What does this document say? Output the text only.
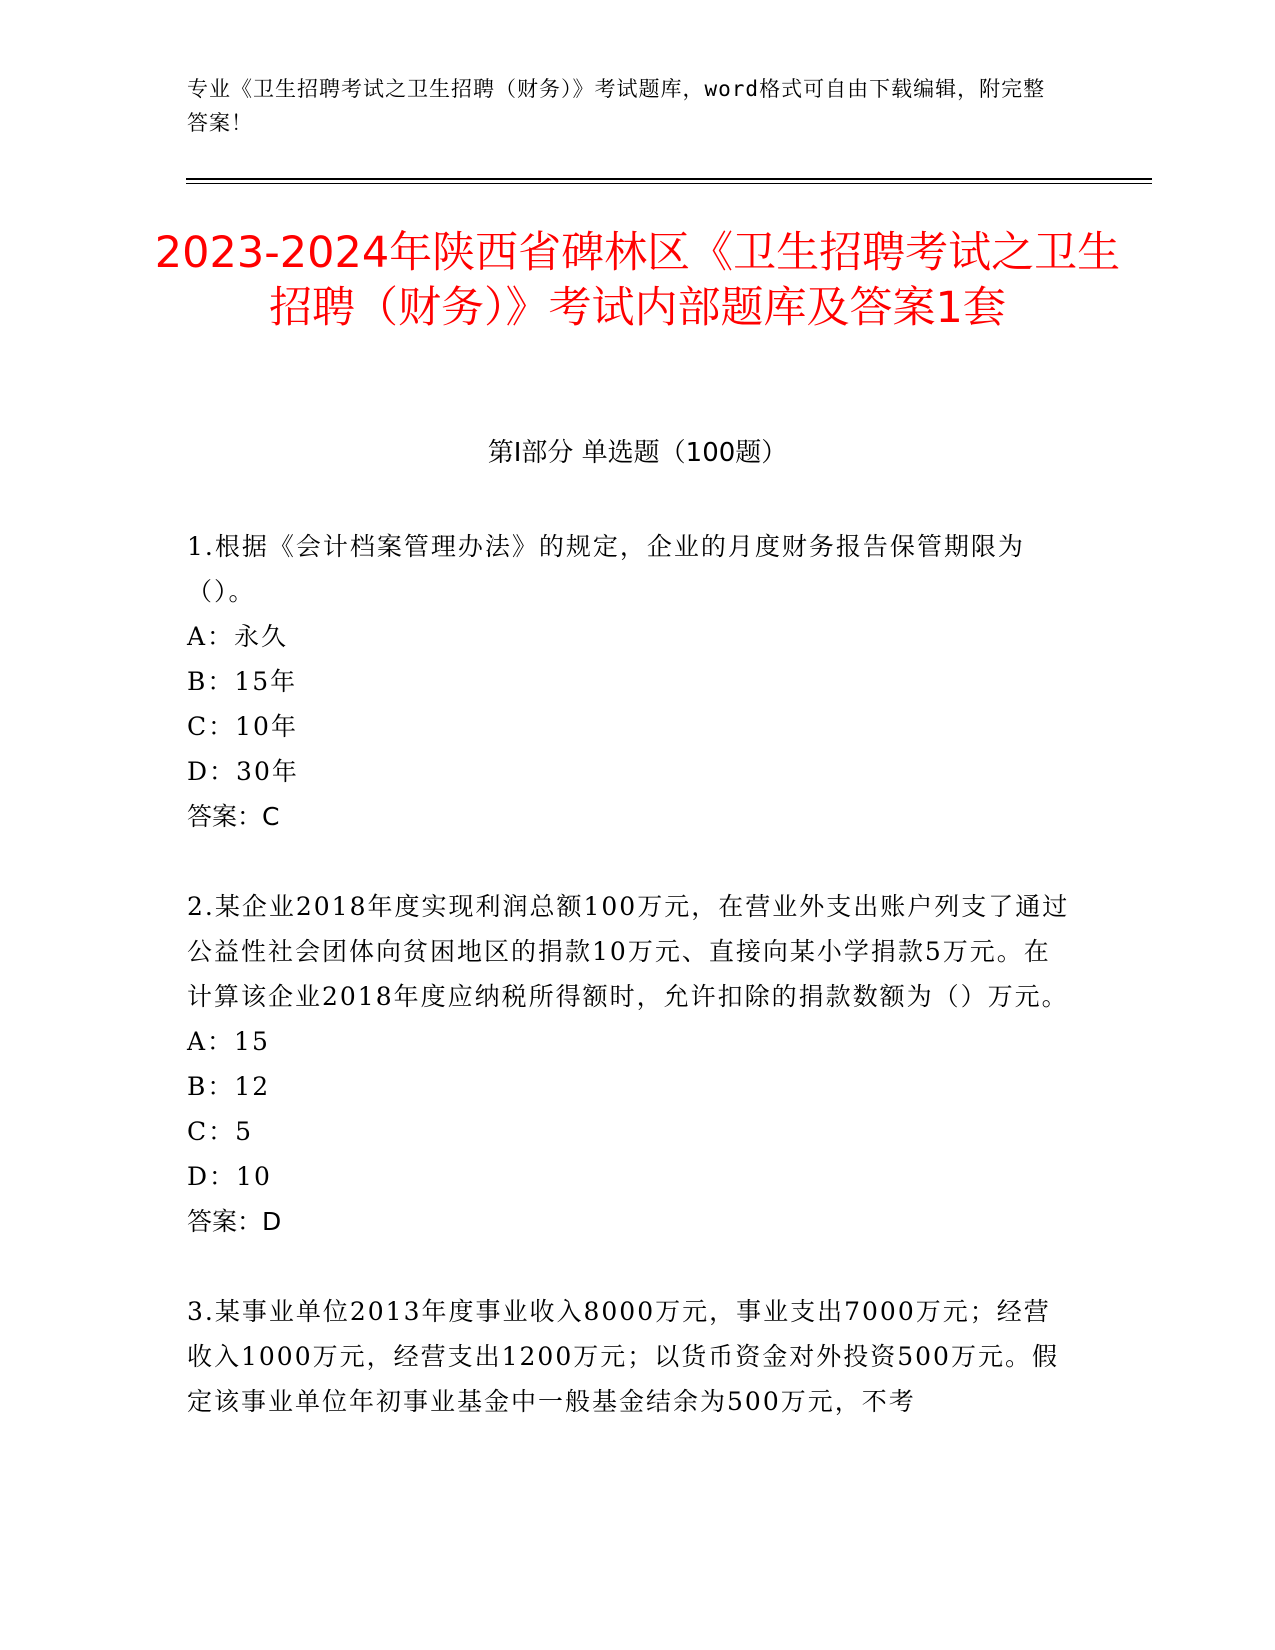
专业《卫生招聘考试之卫生招聘（财务）》考试题库，word格式可自由下载编辑，附完整答案！
2023-2024年陕西省碑林区《卫生招聘考试之卫生招聘（财务）》考试内部题库及答案1套
第I部分 单选题（100题）
1.根据《会计档案管理办法》的规定，企业的月度财务报告保管期限为（）。
A：永久
B：15年
C：10年
D：30年
答案：C
2.某企业2018年度实现利润总额100万元，在营业外支出账户列支了通过公益性社会团体向贫困地区的捐款10万元、直接向某小学捐款5万元。在计算该企业2018年度应纳税所得额时，允许扣除的捐款数额为（）万元。
A：15
B：12
C：5
D：10
答案：D
3.某事业单位2013年度事业收入8000万元，事业支出7000万元；经营收入1000万元，经营支出1200万元；以货币资金对外投资500万元。假定该事业单位年初事业基金中一般基金结余为500万元，不考
